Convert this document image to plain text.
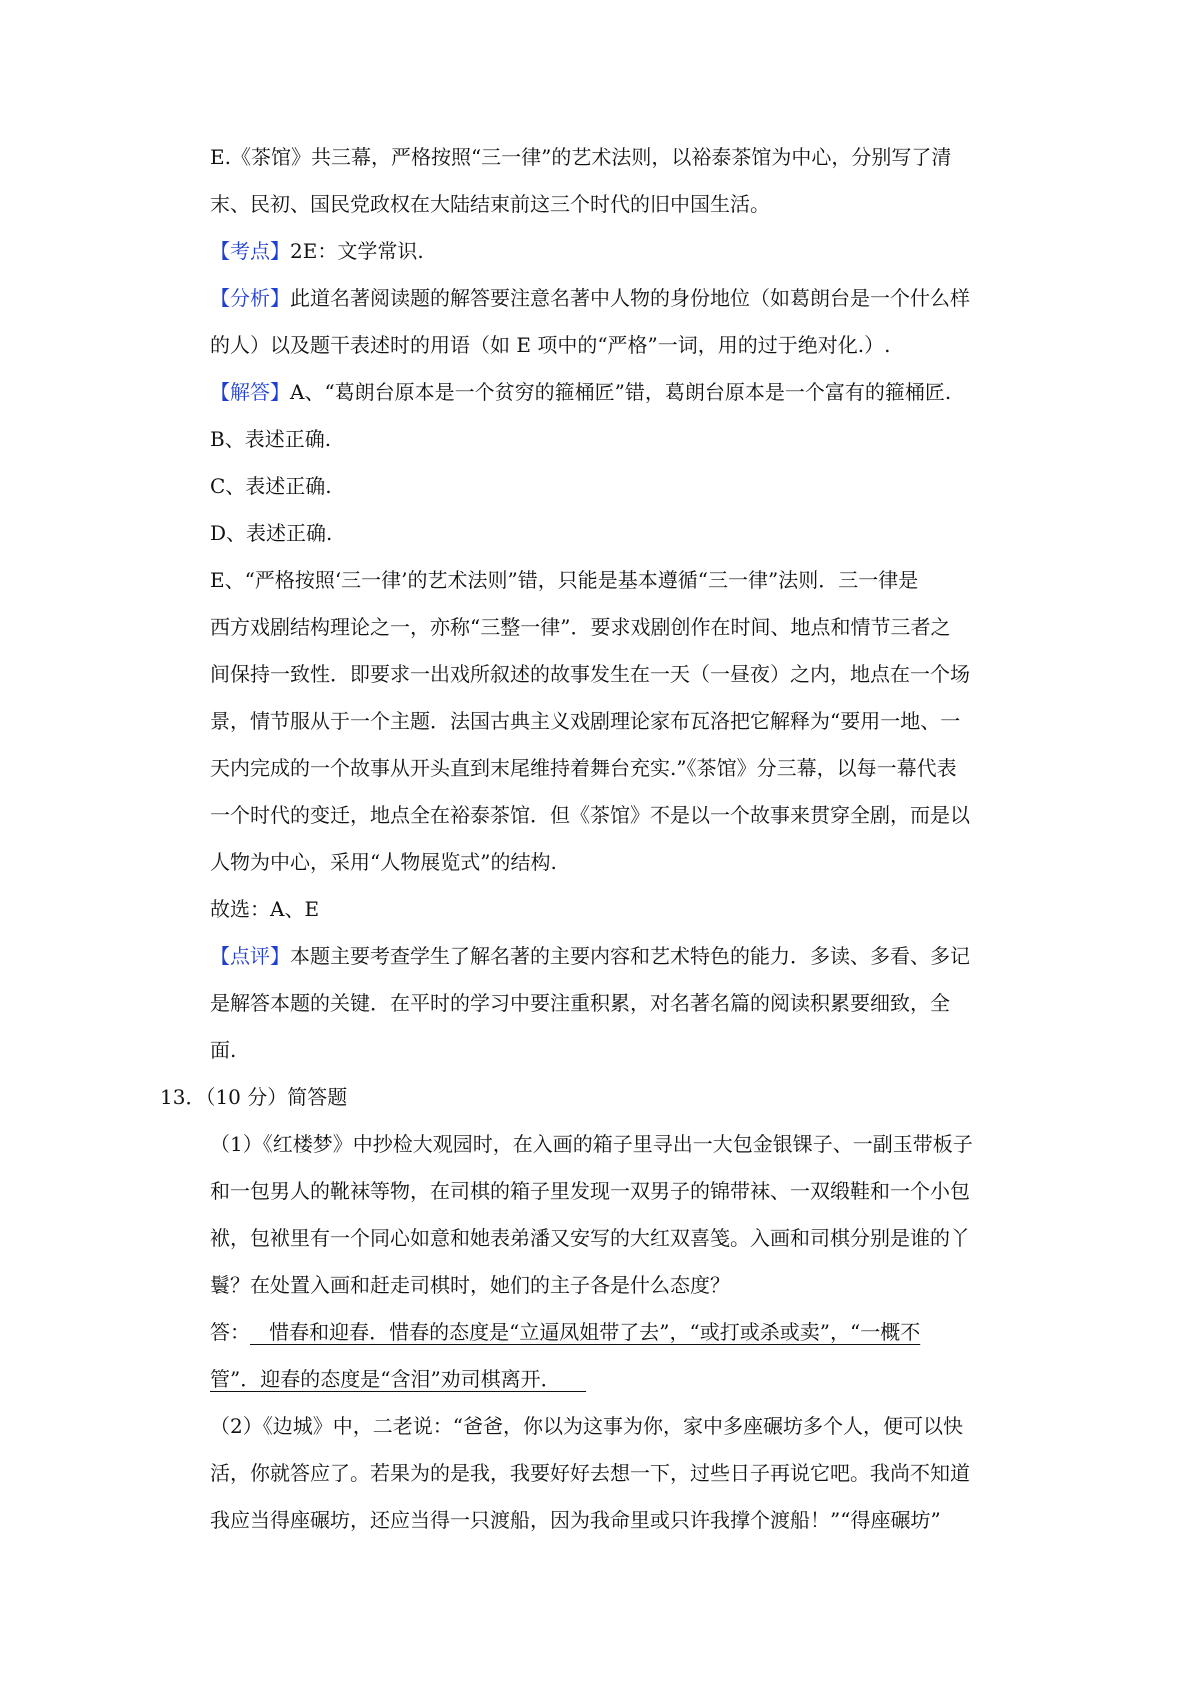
E.《茶馆》共三幕，严格按照“三一律”的艺术法则，以裕泰茶馆为中心，分别写了清
末、民初、国民党政权在大陆结束前这三个时代的旧中国生活。
【考点】2E：文学常识.
【分析】此道名著阅读题的解答要注意名著中人物的身份地位（如葛朗台是一个什么样
的人）以及题干表述时的用语（如 E 项中的“严格”一词，用的过于绝对化.）.
【解答】A、“葛朗台原本是一个贫穷的箍桶匠”错，葛朗台原本是一个富有的箍桶匠.
B、表述正确.
C、表述正确.
D、表述正确.
E、“严格按照‘三一律’的艺术法则”错，只能是基本遵循“三一律”法则．三一律是
西方戏剧结构理论之一，亦称“三整一律”．要求戏剧创作在时间、地点和情节三者之
间保持一致性．即要求一出戏所叙述的故事发生在一天（一昼夜）之内，地点在一个场
景，情节服从于一个主题．法国古典主义戏剧理论家布瓦洛把它解释为“要用一地、一
天内完成的一个故事从开头直到末尾维持着舞台充实.”《茶馆》分三幕，以每一幕代表
一个时代的变迁，地点全在裕泰茶馆．但《茶馆》不是以一个故事来贯穿全剧，而是以
人物为中心，采用“人物展览式”的结构.
故选：A、E
【点评】本题主要考查学生了解名著的主要内容和艺术特色的能力．多读、多看、多记
是解答本题的关键．在平时的学习中要注重积累，对名著名篇的阅读积累要细致，全
面.
13．（10 分）简答题
（1）《红楼梦》中抄检大观园时，在入画的箱子里寻出一大包金银锞子、一副玉带板子
和一包男人的靴袜等物，在司棋的箱子里发现一双男子的锦带袜、一双缎鞋和一个小包
袱，包袱里有一个同心如意和她表弟潘又安写的大红双喜笺。入画和司棋分别是谁的丫
鬟？在处置入画和赶走司棋时，她们的主子各是什么态度？
答：   惜春和迎春．惜春的态度是“立逼凤姐带了去”，“或打或杀或卖”，“一概不
管”．迎春的态度是“含泪”劝司棋离开．
（2）《边城》中，二老说：“爸爸，你以为这事为你，家中多座碾坊多个人，便可以快
活，你就答应了。若果为的是我，我要好好去想一下，过些日子再说它吧。我尚不知道
我应当得座碾坊，还应当得一只渡船，因为我命里或只许我撑个渡船！”“得座碾坊”
